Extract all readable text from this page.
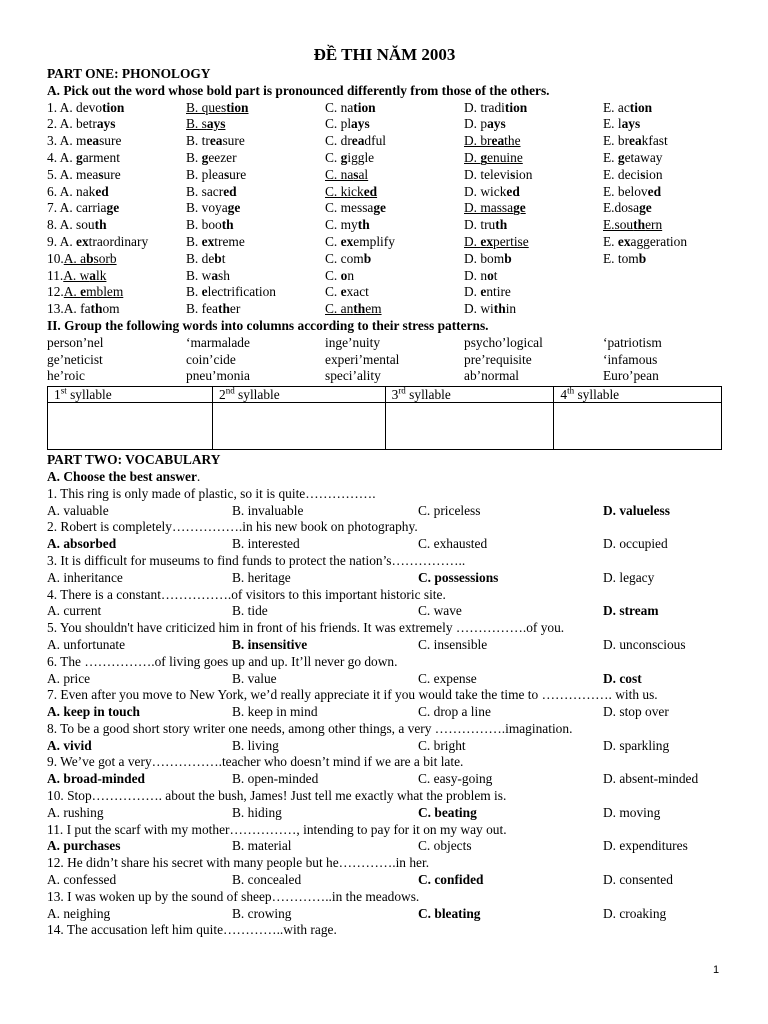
ĐỀ THI NĂM 2003
PART ONE: PHONOLOGY
A. Pick out the word whose bold part is pronounced differently from those of the others.
1. A. devotion	B. question	C. nation	D. tradition	E. action
2. A. betrays	B. says	C. plays	D. pays	E. lays
3. A. measure	B. treasure	C. dreadful	D. breathe	E. breakfast
4. A. garment	B. geezer	C. giggle	D. genuine	E. getaway
5. A. measure	B. pleasure	C. nasal	D. television	E. decision
6. A. naked	B. sacred	C. kicked	D. wicked	E. beloved
7. A. carriage	B. voyage	C. message	D. massage	E.dosage
8. A. south	B. booth	C. myth	D. truth	E.southern
9. A. extraordinary	B. extreme	C. exemplify	D. expertise	E. exaggeration
10.A. absorb	B. debt	C. comb	D. bomb	E. tomb
11.A. walk	B. wash	C. on	D. not
12.A. emblem	B. electrification	C. exact	D. entire
13.A. fathom	B. feather	C. anthem	D. within
II. Group the following words into columns according to their stress patterns.
person’nel	‘marmalade	inge’nuity	psycho’logical	‘patriotism
ge’neticist	coin’cide	experi’mental	pre’requisite	‘infamous
he’roic	pneu’monia	speci’ality	ab’normal	Euro’pean
1st syllable	2nd syllable	3rd syllable	4th syllable

PART TWO: VOCABULARY
A. Choose the best answer.
1. This ring is only made of plastic, so it is quite…………….
A. valuable	B. invaluable	C. priceless	D. valueless
2. Robert is completely…………….in his new book on photography.
A. absorbed	B. interested	C. exhausted	D. occupied
3. It is difficult for museums to find funds to protect the nation’s……………..
A. inheritance	B. heritage	C. possessions	D. legacy
4. There is a constant…………….of visitors to this important historic site.
A. current	B. tide	C. wave	D. stream
5. You shouldn't have criticized him in front of his friends. It was extremely …………….of you.
A. unfortunate	B. insensitive	C. insensible	D. unconscious
6. The …………….of living goes up and up. It’ll never go down.
A. price	B. value	C. expense	D. cost
7. Even after you move to New York, we’d really appreciate it if you would take the time to ……………. with us.
A. keep in touch	B. keep in mind	C. drop a line	D. stop over
8. To be a good short story writer one needs, among other things, a very …………….imagination.
A. vivid	B. living	C. bright	D. sparkling
9. We’ve got a very…………….teacher who doesn’t mind if we are a bit late.
A. broad-minded	B. open-minded	C. easy-going	D. absent-minded
10. Stop……………. about the bush, James! Just tell me exactly what the problem is.
A. rushing	B. hiding	C. beating	D. moving
11. I put the scarf with my mother……………, intending to pay for it on my way out.
A. purchases	B. material	C. objects	D. expenditures
12. He didn’t share his secret with many people but he………….in her.
A. confessed	B. concealed	C. confided	D. consented
13. I was woken up by the sound of sheep…………..in the meadows.
A. neighing	B. crowing	C. bleating	D. croaking
14. The accusation left him quite…………..with rage.
1
